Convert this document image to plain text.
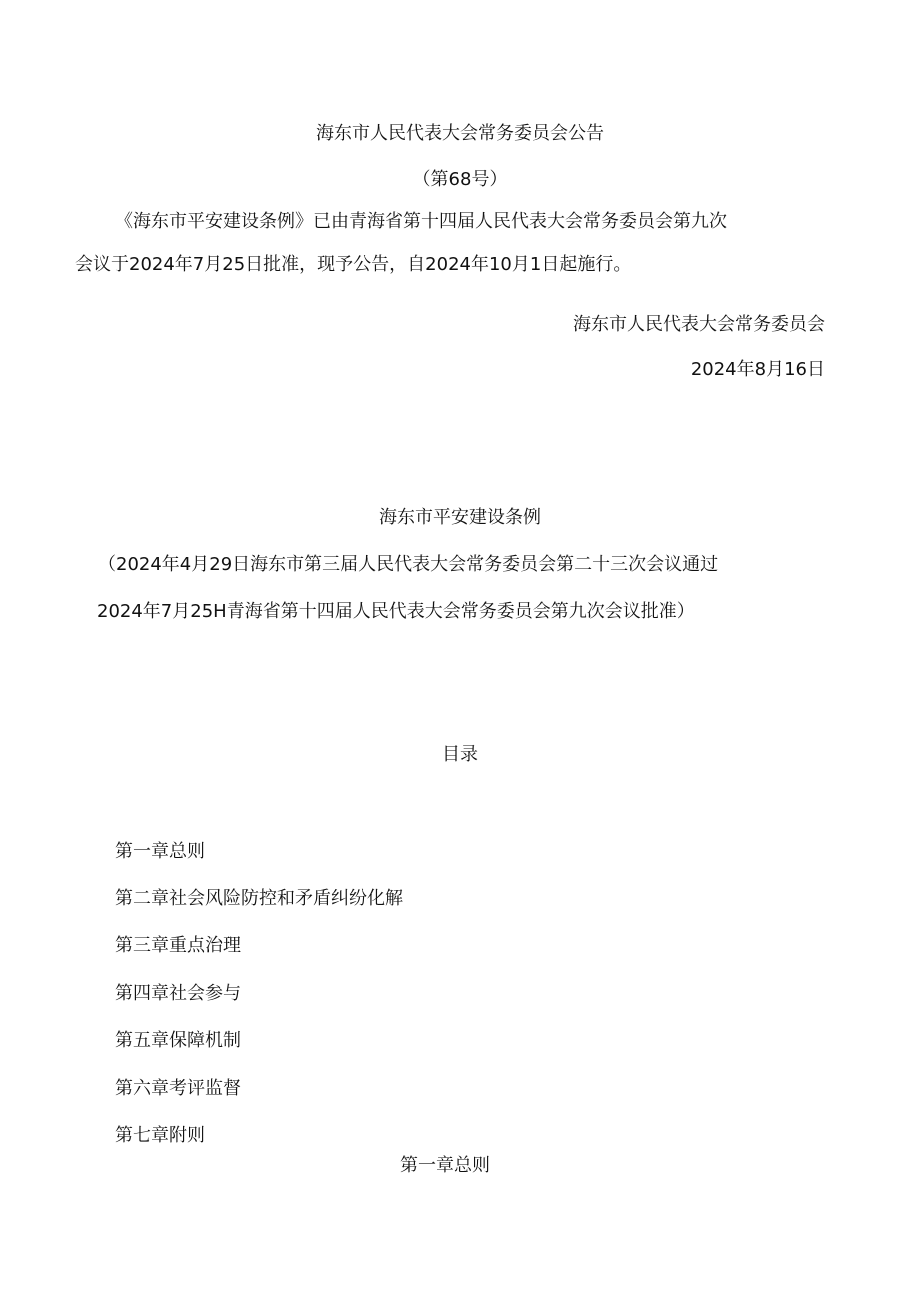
海东市人民代表大会常务委员会公告
（第68号）
《海东市平安建设条例》已由青海省第十四届人民代表大会常务委员会第九次
会议于2024年7月25日批准，现予公告，自2024年10月1日起施行。
海东市人民代表大会常务委员会
2024年8月16日
海东市平安建设条例
（2024年4月29日海东市第三届人民代表大会常务委员会第二十三次会议通过
2024年7月25H青海省第十四届人民代表大会常务委员会第九次会议批准）
目录
第一章总则
第二章社会风险防控和矛盾纠纷化解
第三章重点治理
第四章社会参与
第五章保障机制
第六章考评监督
第七章附则
第一章总则
